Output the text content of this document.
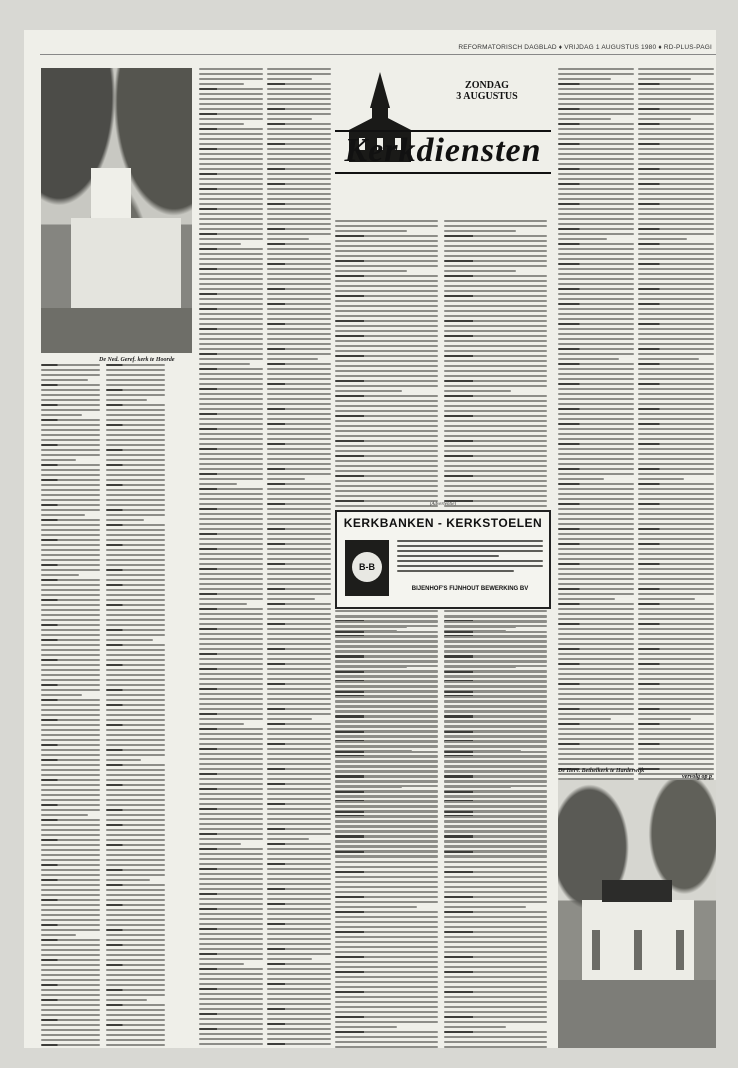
REFORMATORISCH DAGBLAD ♦ VRIJDAG 1 AUGUSTUS 1980 ♦ RD-PLUS-PAGI
De Ned. Geref. kerk te Hoorde
ZONDAG
3 AUGUSTUS
Kerkdiensten
(Advertentie)
KERKBANKEN - KERKSTOELEN
B-B
BIJENHOF'S FIJNHOUT BEWERKING BV
vervolg op p
De Herv. Bethelkerk te Harderwijk
